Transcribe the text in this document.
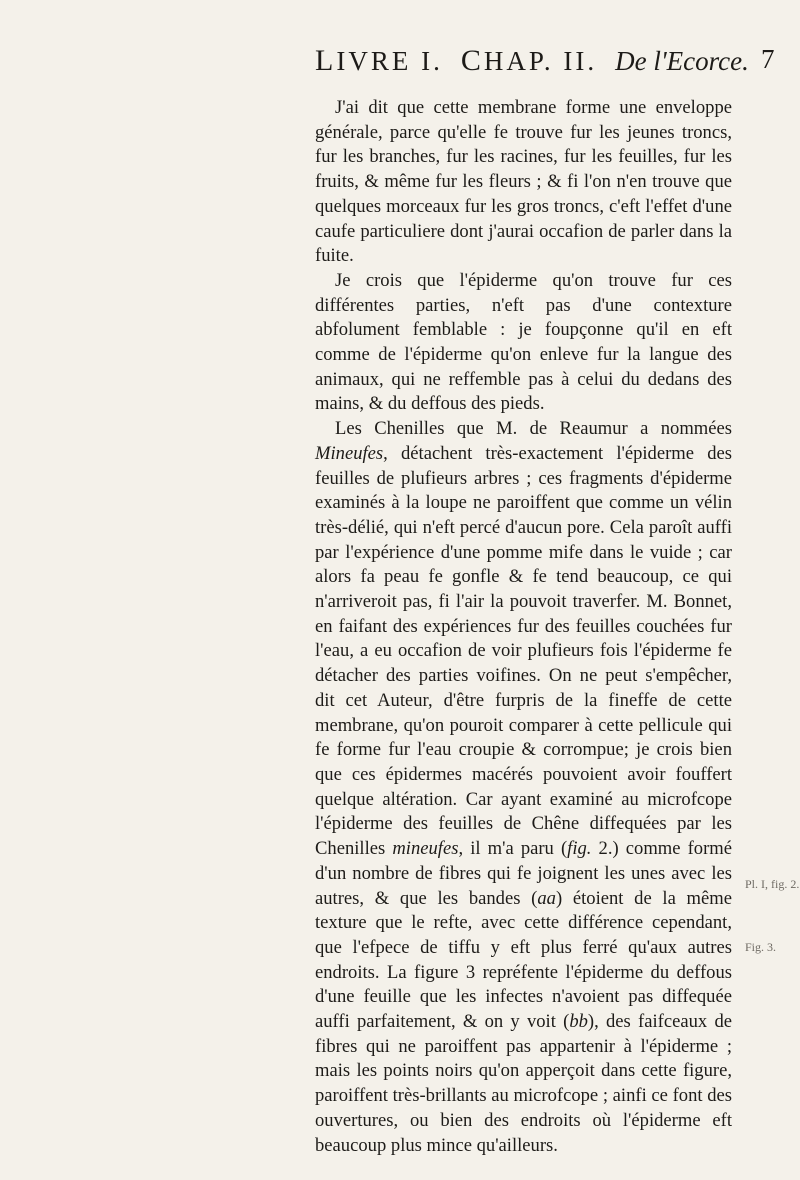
LIVRE I. CHAP. II. De l'Ecorce. 7

J'ai dit que cette membrane forme une enveloppe générale, parce qu'elle fe trouve fur les jeunes troncs, fur les branches, fur les racines, fur les feuilles, fur les fruits, & même fur les fleurs ; & fi l'on n'en trouve que quelques morceaux fur les gros troncs, c'eft l'effet d'une caufe particuliere dont j'aurai occafion de parler dans la fuite.

Je crois que l'épiderme qu'on trouve fur ces différentes parties, n'eft pas d'une contexture abfolument femblable : je foupçonne qu'il en eft comme de l'épiderme qu'on enleve fur la langue des animaux, qui ne reffemble pas à celui du dedans des mains, & du deffous des pieds.

Les Chenilles que M. de Reaumur a nommées Mineufes, détachent très-exactement l'épiderme des feuilles de plufieurs arbres ; ces fragments d'épiderme examinés à la loupe ne paroiffent que comme un vélin très-délié, qui n'eft percé d'aucun pore. Cela paroît auffi par l'expérience d'une pomme mife dans le vuide ; car alors fa peau fe gonfle & fe tend beaucoup, ce qui n'arriveroit pas, fi l'air la pouvoit traverfer. M. Bonnet, en faifant des expériences fur des feuilles couchées fur l'eau, a eu occafion de voir plufieurs fois l'épiderme fe détacher des parties voifines. On ne peut s'empêcher, dit cet Auteur, d'être furpris de la fineffe de cette membrane, qu'on pouroit comparer à cette pellicule qui fe forme fur l'eau croupie & corrompue; je crois bien que ces épidermes macérés pouvoient avoir fouffert quelque altération. Car ayant examiné au microfcope l'épiderme des feuilles de Chêne diffequées par les Chenilles mineufes, il m'a paru (fig. 2.) comme formé d'un nombre de fibres qui fe joignent les unes avec les autres, & que les bandes (aa) étoient de la même texture que le refte, avec cette différence cependant, que l'efpece de tiffu y eft plus ferré qu'aux autres endroits. La figure 3 repréfente l'épiderme du deffous d'une feuille que les infectes n'avoient pas diffequée auffi parfaitement, & on y voit (bb), des faifceaux de fibres qui ne paroiffent pas appartenir à l'épiderme ; mais les points noirs qu'on apperçoit dans cette figure, paroiffent très-brillants au microfcope ; ainfi ce font des ouvertures, ou bien des endroits où l'épiderme eft beaucoup plus mince qu'ailleurs.

Pl. I, fig. 2.
Fig. 3.
